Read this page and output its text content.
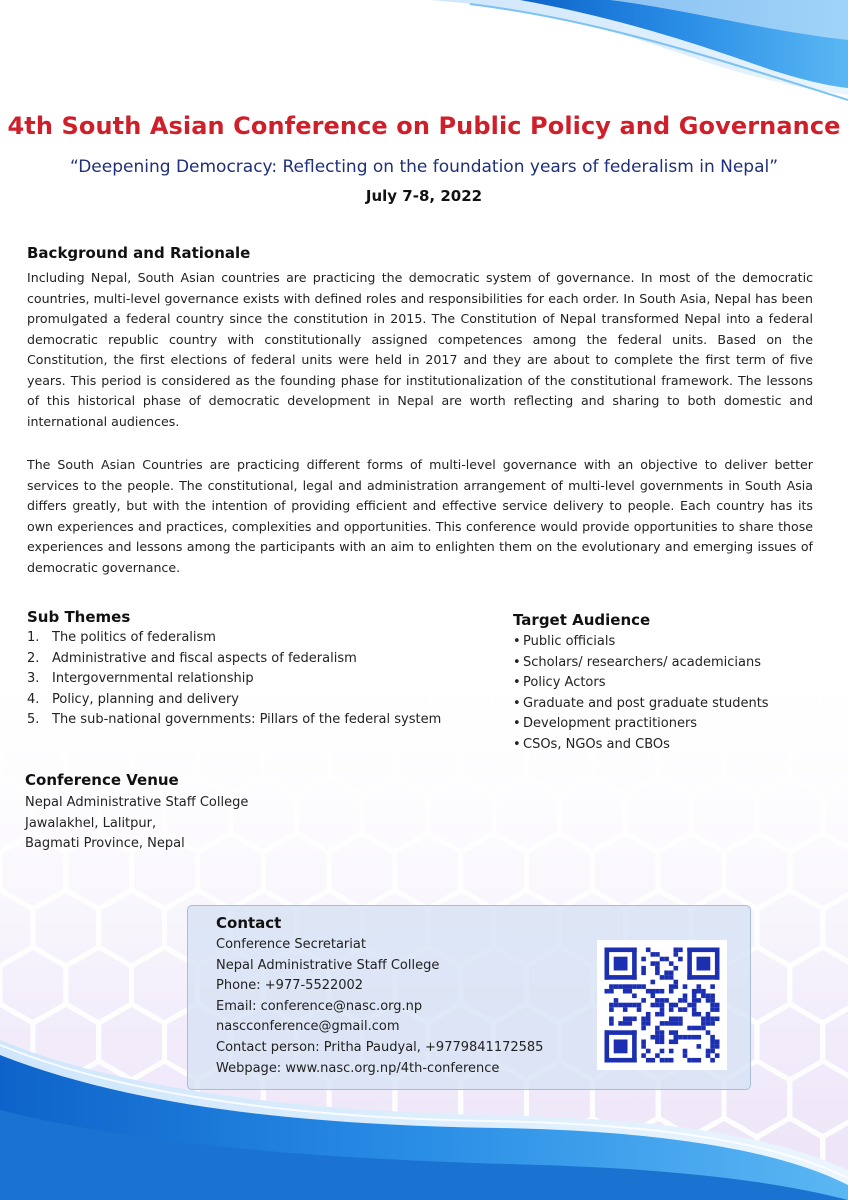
4th South Asian Conference on Public Policy and Governance
“Deepening Democracy: Reflecting on the foundation years of federalism in Nepal”
July 7-8, 2022
Background and Rationale

Including Nepal, South Asian countries are practicing the democratic system of governance. In most of the democratic countries, multi-level governance exists with defined roles and responsibilities for each order. In South Asia, Nepal has been promulgated a federal country since the constitution in 2015. The Constitution of Nepal transformed Nepal into a federal democratic republic country with constitutionally assigned competences among the federal units. Based on the Constitution, the first elections of federal units were held in 2017 and they are about to complete the first term of five years. This period is considered as the founding phase for institutionalization of the constitutional framework. The lessons of this historical phase of democratic development in Nepal are worth reflecting and sharing to both domestic and international audiences.

The South Asian Countries are practicing different forms of multi-level governance with an objective to deliver better services to the people. The constitutional, legal and administration arrangement of multi-level governments in South Asia differs greatly, but with the intention of providing efficient and effective service delivery to people. Each country has its own experiences and practices, complexities and opportunities. This conference would provide opportunities to share those experiences and lessons among the participants with an aim to enlighten them on the evolutionary and emerging issues of democratic governance.

Sub Themes
1. The politics of federalism
2. Administrative and fiscal aspects of federalism
3. Intergovernmental relationship
4. Policy, planning and delivery
5. The sub-national governments: Pillars of the federal system
Target Audience
• Public officials
• Scholars/ researchers/ academicians
• Policy Actors
• Graduate and post graduate students
• Development practitioners
• CSOs, NGOs and CBOs
Conference Venue
Nepal Administrative Staff College
Jawalakhel, Lalitpur,
Bagmati Province, Nepal
Contact
Conference Secretariat
Nepal Administrative Staff College
Phone: +977-5522002
Email: conference@nasc.org.np
nascconference@gmail.com
Contact person: Pritha Paudyal, +9779841172585
Webpage: www.nasc.org.np/4th-conference
